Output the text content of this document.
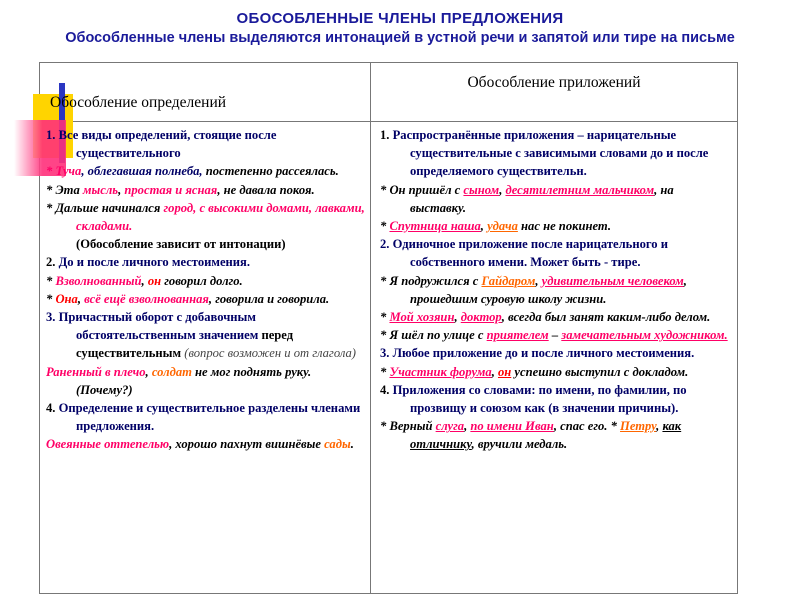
ОБОСОБЛЕННЫЕ ЧЛЕНЫ ПРЕДЛОЖЕНИЯ
Обособленные члены выделяются интонацией в устной речи и запятой или тире на письме
Обособление определений
Обособление приложений

1. Все виды определений, стоящие после существительного

* Туча, облегавшая полнеба, постепенно рассеялась.

* Эта мысль, простая и ясная, не давала покоя.

* Дальше начинался город, с высокими домами, лавками, складами.

(Обособление зависит от интонации)

2. До и после личного местоимения.

* Взволнованный, он говорил долго.

* Она, всё ещё взволнованная, говорила и говорила.

3. Причастный оборот с добавочным обстоятельственным значением перед существительным (вопрос возможен и от глагола)

Раненный в плечо, солдат не мог поднять руку. (Почему?)

4. Определение и существительное разделены членами предложения.

Овеянные оттепелью, хорошо пахнут вишнёвые сады.

1. Распространённые приложения – нарицательные существительные с зависимыми словами до и после определяемого существительн.

* Он пришёл с сыном, десятилетним мальчиком, на выставку.

* Спутница наша, удача нас не покинет.

2. Одиночное приложение после нарицательного и собственного имени. Может быть - тире.

* Я подружился с Гайдаром, удивительным человеком, прошедшим суровую школу жизни.

* Мой хозяин, доктор, всегда был занят каким-либо делом.

* Я шёл по улице с приятелем – замечательным художником.

3. Любое приложение до и после личного местоимения.

* Участник форума, он успешно выступил с докладом.

4. Приложения со словами: по имени, по фамилии, по прозвищу и союзом как (в значении причины).

* Верный слуга, по имени Иван, спас его. * Петру, как отличнику, вручили медаль.
